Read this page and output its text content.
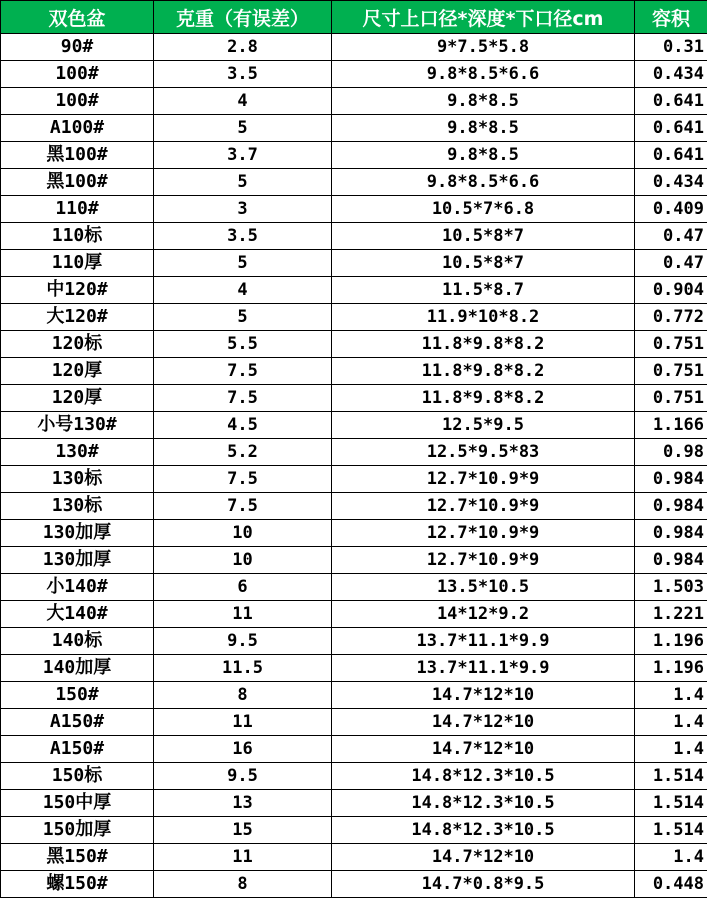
双色盆	克重（有误差）	尺寸上口径*深度*下口径cm	容积
90#	2.8	9*7.5*5.8	0.31
100#	3.5	9.8*8.5*6.6	0.434
100#	4	9.8*8.5	0.641
A100#	5	9.8*8.5	0.641
黑100#	3.7	9.8*8.5	0.641
黑100#	5	9.8*8.5*6.6	0.434
110#	3	10.5*7*6.8	0.409
110标	3.5	10.5*8*7	0.47
110厚	5	10.5*8*7	0.47
中120#	4	11.5*8.7	0.904
大120#	5	11.9*10*8.2	0.772
120标	5.5	11.8*9.8*8.2	0.751
120厚	7.5	11.8*9.8*8.2	0.751
120厚	7.5	11.8*9.8*8.2	0.751
小号130#	4.5	12.5*9.5	1.166
130#	5.2	12.5*9.5*83	0.98
130标	7.5	12.7*10.9*9	0.984
130标	7.5	12.7*10.9*9	0.984
130加厚	10	12.7*10.9*9	0.984
130加厚	10	12.7*10.9*9	0.984
小140#	6	13.5*10.5	1.503
大140#	11	14*12*9.2	1.221
140标	9.5	13.7*11.1*9.9	1.196
140加厚	11.5	13.7*11.1*9.9	1.196
150#	8	14.7*12*10	1.4
A150#	11	14.7*12*10	1.4
A150#	16	14.7*12*10	1.4
150标	9.5	14.8*12.3*10.5	1.514
150中厚	13	14.8*12.3*10.5	1.514
150加厚	15	14.8*12.3*10.5	1.514
黑150#	11	14.7*12*10	1.4
螺150#	8	14.7*0.8*9.5	0.448
